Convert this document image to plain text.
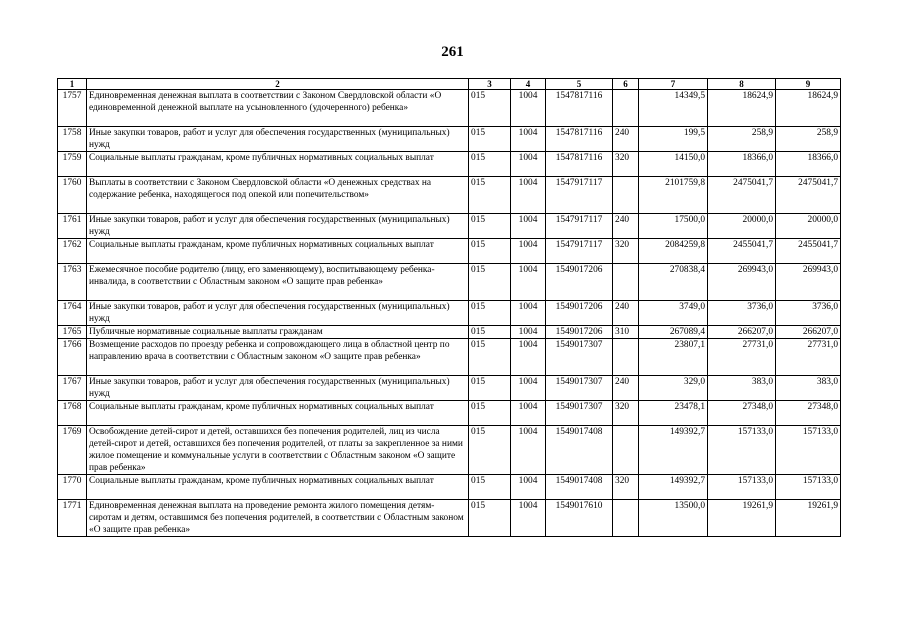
261
1	2	3	4	5	6	7	8	9
1757	Единовременная денежная выплата в соответствии с Законом Свердловской области «О единовременной денежной выплате на усыновленного (удочеренного) ребенка»	015	1004	1547817116		14349,5	18624,9	18624,9
1758	Иные закупки товаров, работ и услуг для обеспечения государственных (муниципальных) нужд	015	1004	1547817116	240	199,5	258,9	258,9
1759	Социальные выплаты гражданам, кроме публичных нормативных социальных выплат	015	1004	1547817116	320	14150,0	18366,0	18366,0
1760	Выплаты в соответствии с Законом Свердловской области «О денежных средствах на содержание ребенка, находящегося под опекой или попечительством»	015	1004	1547917117		2101759,8	2475041,7	2475041,7
1761	Иные закупки товаров, работ и услуг для обеспечения государственных (муниципальных) нужд	015	1004	1547917117	240	17500,0	20000,0	20000,0
1762	Социальные выплаты гражданам, кроме публичных нормативных социальных выплат	015	1004	1547917117	320	2084259,8	2455041,7	2455041,7
1763	Ежемесячное пособие родителю (лицу, его заменяющему), воспитывающему ребенка-инвалида, в соответствии с Областным законом «О защите прав ребенка»	015	1004	1549017206		270838,4	269943,0	269943,0
1764	Иные закупки товаров, работ и услуг для обеспечения государственных (муниципальных) нужд	015	1004	1549017206	240	3749,0	3736,0	3736,0
1765	Публичные нормативные социальные выплаты гражданам	015	1004	1549017206	310	267089,4	266207,0	266207,0
1766	Возмещение расходов по проезду ребенка и сопровождающего лица в областной центр по направлению врача в соответствии с Областным законом «О защите прав ребенка»	015	1004	1549017307		23807,1	27731,0	27731,0
1767	Иные закупки товаров, работ и услуг для обеспечения государственных (муниципальных) нужд	015	1004	1549017307	240	329,0	383,0	383,0
1768	Социальные выплаты гражданам, кроме публичных нормативных социальных выплат	015	1004	1549017307	320	23478,1	27348,0	27348,0
1769	Освобождение детей-сирот и детей, оставшихся без попечения родителей, лиц из числа детей-сирот и детей, оставшихся без попечения родителей, от платы за закрепленное за ними жилое помещение и коммунальные услуги в соответствии с Областным законом «О защите прав ребенка»	015	1004	1549017408		149392,7	157133,0	157133,0
1770	Социальные выплаты гражданам, кроме публичных нормативных социальных выплат	015	1004	1549017408	320	149392,7	157133,0	157133,0
1771	Единовременная денежная выплата на проведение ремонта жилого помещения детям-сиротам и детям, оставшимся без попечения родителей, в соответствии с Областным законом «О защите прав ребенка»	015	1004	1549017610		13500,0	19261,9	19261,9
